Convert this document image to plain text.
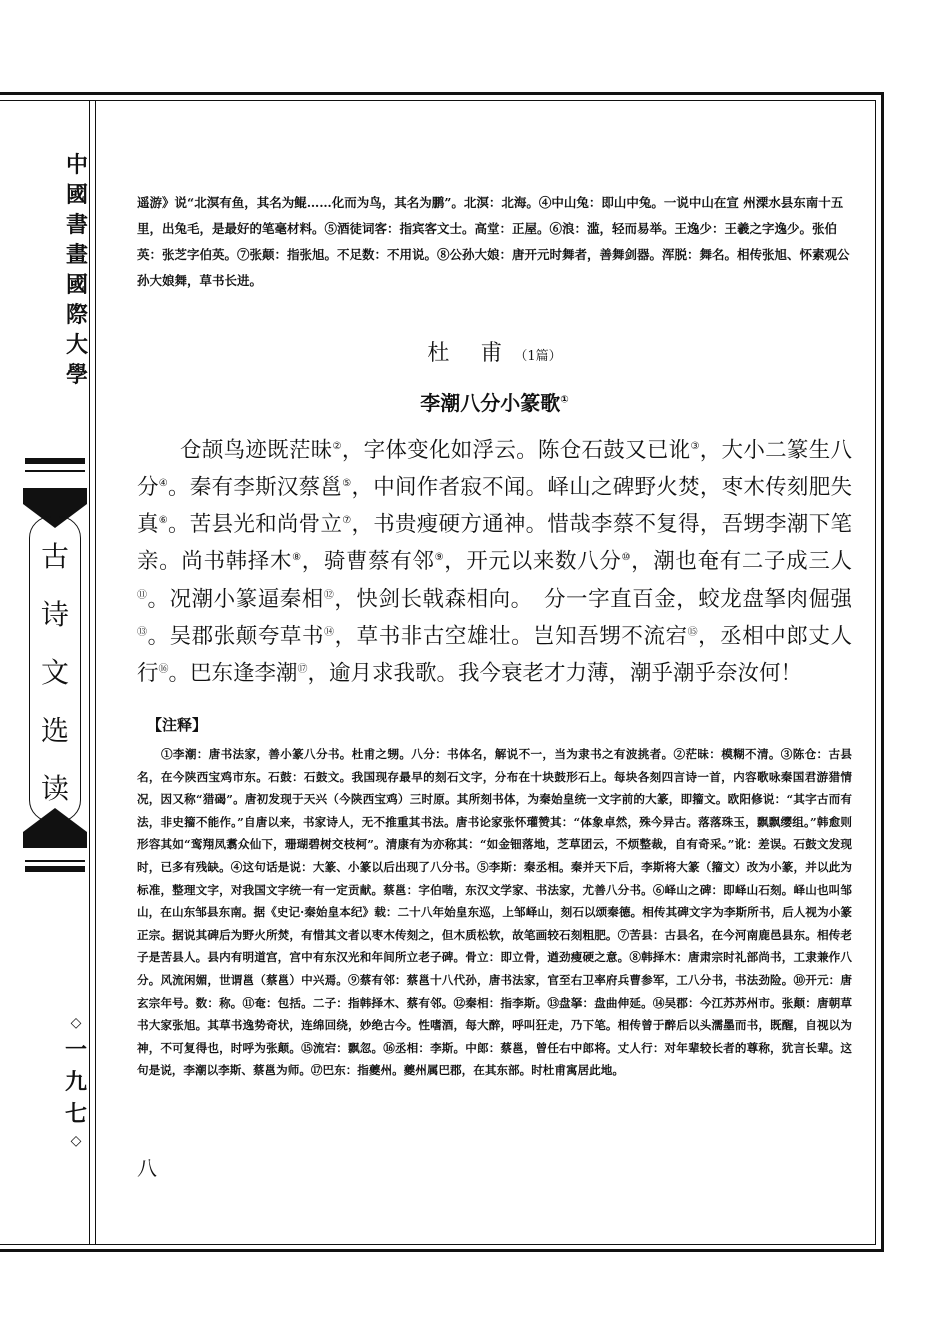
中
國
書
畫
國
際
大
學
古
诗
文
选
读
◇
一
九
七
◇

遥游》说“北溟有鱼，其名为鲲……化而为鸟，其名为鹏”。北溟：北海。④中山兔：即山中兔。一说中山在宣 州溧水县东南十五里，出兔毛，是最好的笔毫材料。⑤酒徒词客：指宾客文士。高堂：正屋。⑥浪：滥，轻而易举。王逸少：王羲之字逸少。张伯英：张芝字伯英。⑦张颠：指张旭。不足数：不用说。⑧公孙大娘：唐开元时舞者，善舞剑器。浑脱：舞名。相传张旭、怀素观公孙大娘舞，草书长进。

杜 甫（1篇）
李潮八分小篆歌①

仓颉鸟迹既茫昧②，字体变化如浮云。陈仓石鼓又已讹③，大小二篆生八分④。秦有李斯汉蔡邕⑤，中间作者寂不闻。峄山之碑野火焚，枣木传刻肥失真⑥。苦县光和尚骨立⑦，书贵瘦硬方通神。惜哉李蔡不复得，吾甥李潮下笔亲。尚书韩择木⑧，骑曹蔡有邻⑨，开元以来数八分⑩，潮也奄有二子成三人⑪。况潮小篆逼秦相⑫，快剑长戟森相向。　分一字直百金，蛟龙盘拏肉倔强⑬。吴郡张颠夸草书⑭，草书非古空雄壮。岂知吾甥不流宕⑮，丞相中郎丈人行⑯。巴东逢李潮⑰，逾月求我歌。我今衰老才力薄，潮乎潮乎奈汝何！

【注释】

①李潮：唐书法家，善小篆八分书。杜甫之甥。八分：书体名，解说不一，当为隶书之有波挑者。②茫昧：模糊不清。③陈仓：古县名，在今陕西宝鸡市东。石鼓：石鼓文。我国现存最早的刻石文字，分布在十块鼓形石上。每块各刻四言诗一首，内容歌咏秦国君游猎情况，因又称“猎碣”。唐初发现于天兴（今陕西宝鸡）三时原。其所刻书体，为秦始皇统一文字前的大篆，即籀文。欧阳修说：“其字古而有法，非史籀不能作。”自唐以来，书家诗人，无不推重其书法。唐书论家张怀瓘赞其：“体象卓然，殊今异古。落落珠玉，飘飘缨组。”韩愈则形容其如“鸾翔凤翥众仙下，珊瑚碧树交枝柯”。清康有为亦称其：“如金钿落地，芝草团云，不烦整裁，自有奇采。”讹：差误。石鼓文发现时，已多有残缺。④这句话是说：大篆、小篆以后出现了八分书。⑤李斯：秦丞相。秦并天下后，李斯将大篆（籀文）改为小篆，并以此为标准，整理文字，对我国文字统一有一定贡献。蔡邕：字伯喈，东汉文学家、书法家，尤善八分书。⑥峄山之碑：即峄山石刻。峄山也叫邹山，在山东邹县东南。据《史记·秦始皇本纪》载：二十八年始皇东巡，上邹峄山，刻石以颂秦德。相传其碑文字为李斯所书，后人视为小篆正宗。据说其碑后为野火所焚，有惜其文者以枣木传刻之，但木质松软，故笔画较石刻粗肥。⑦苦县：古县名，在今河南鹿邑县东。相传老子是苦县人。县内有明道宫，宫中有东汉光和年间所立老子碑。骨立：即立骨，遒劲瘦硬之意。⑧韩择木：唐肃宗时礼部尚书，工隶兼作八分。风流闲媚，世谓邕（蔡邕）中兴焉。⑨蔡有邻：蔡邕十八代孙，唐书法家，官至右卫率府兵曹参军，工八分书，书法劲险。⑩开元：唐玄宗年号。数：称。⑪奄：包括。二子：指韩择木、蔡有邻。⑫秦相：指李斯。⑬盘拏：盘曲伸延。⑭吴郡：今江苏苏州市。张颠：唐朝草书大家张旭。其草书逸势奇状，连绵回绕，妙绝古今。性嗜酒，每大醉，呼叫狂走，乃下笔。相传曾于醉后以头濡墨而书，既醒，自视以为神，不可复得也，时呼为张颠。⑮流宕：飘忽。⑯丞相：李斯。中郎：蔡邕，曾任右中郎将。丈人行：对年辈较长者的尊称，犹言长辈。这句是说，李潮以李斯、蔡邕为师。⑰巴东：指夔州。夔州属巴郡，在其东部。时杜甫寓居此地。

八
